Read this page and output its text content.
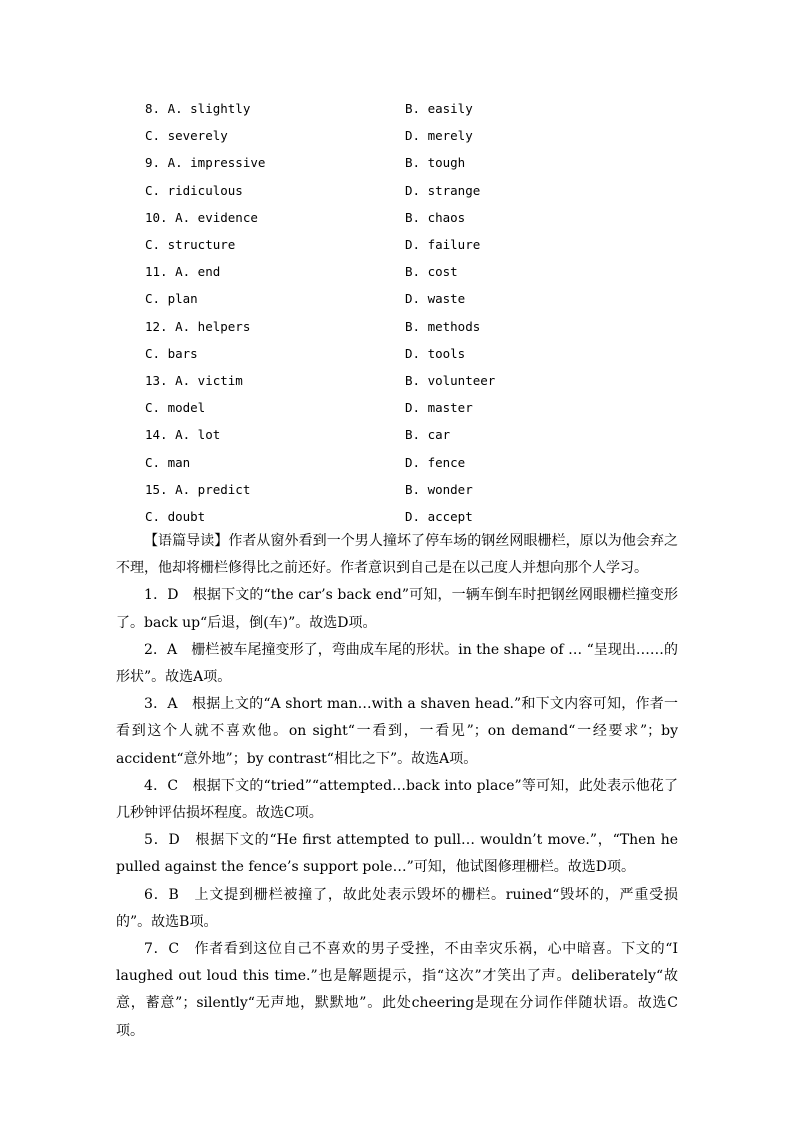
8. A. slightly	B. easily
C. severely	D. merely
9. A. impressive	B. tough
C. ridiculous	D. strange
10. A. evidence	B. chaos
C. structure	D. failure
11. A. end	B. cost
C. plan	D. waste
12. A. helpers	B. methods
C. bars	D. tools
13. A. victim	B. volunteer
C. model	D. master
14. A. lot	B. car
C. man	D. fence
15. A. predict	B. wonder
C. doubt	D. accept

【语篇导读】作者从窗外看到一个男人撞坏了停车场的钢丝网眼栅栏，原以为他会弃之不理，他却将栅栏修得比之前还好。作者意识到自己是在以己度人并想向那个人学习。

1．D　根据下文的“the car’s back end”可知，一辆车倒车时把钢丝网眼栅栏撞变形了。back up“后退，倒(车)”。故选D项。

2．A　栅栏被车尾撞变形了，弯曲成车尾的形状。in the shape of … “呈现出……的形状”。故选A项。

3．A　根据上文的“A short man…with a shaven head.”和下文内容可知，作者一看到这个人就不喜欢他。on sight“一看到，一看见”；on demand“一经要求”；by accident“意外地”；by contrast“相比之下”。故选A项。

4．C　根据下文的“tried”“attempted…back into place”等可知，此处表示他花了几秒钟评估损坏程度。故选C项。

5．D　根据下文的“He first attempted to pull… wouldn’t move.”，“Then he pulled against the fence’s support pole…”可知，他试图修理栅栏。故选D项。

6．B　上文提到栅栏被撞了，故此处表示毁坏的栅栏。ruined“毁坏的，严重受损的”。故选B项。

7．C　作者看到这位自己不喜欢的男子受挫，不由幸灾乐祸，心中暗喜。下文的“I laughed out loud this time.”也是解题提示，指“这次”才笑出了声。deliberately“故意，蓄意”；silently“无声地，默默地”。此处cheering是现在分词作伴随状语。故选C项。
